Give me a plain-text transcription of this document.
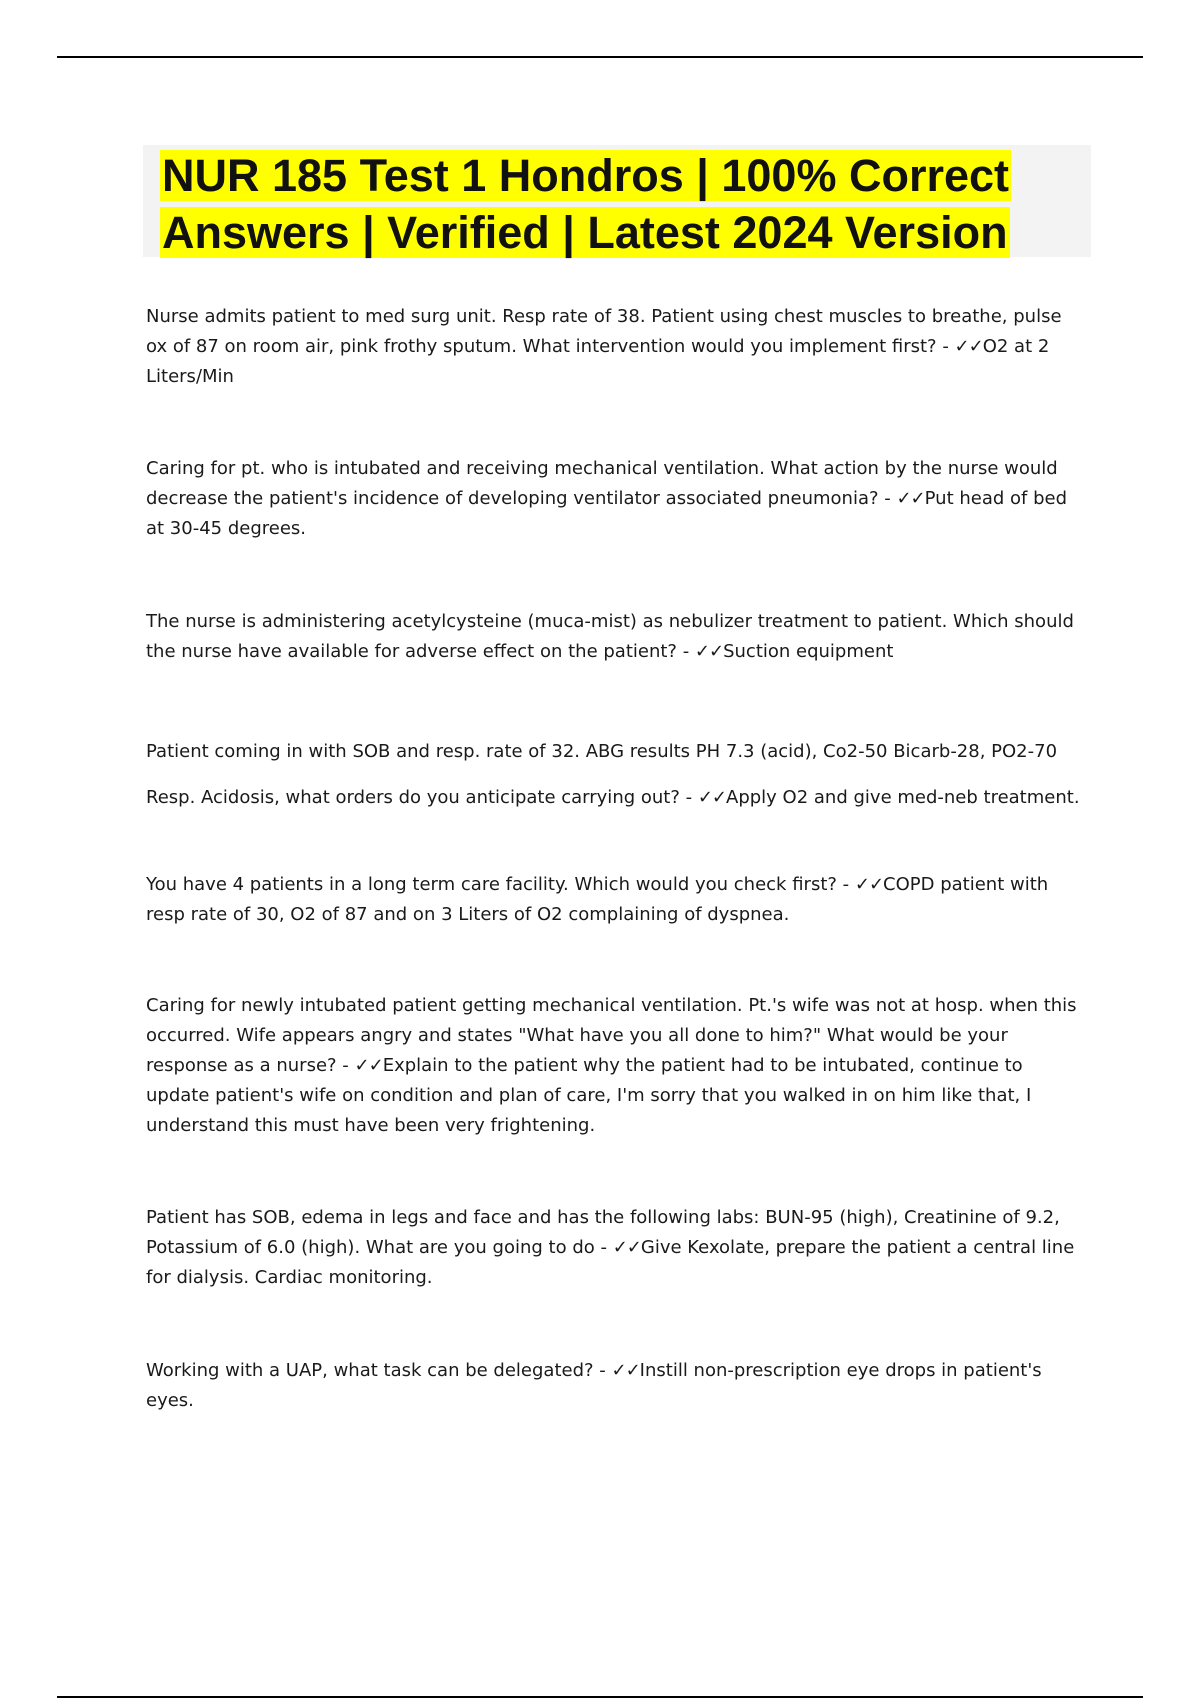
NUR 185 Test 1 Hondros | 100% Correct
Answers | Verified | Latest 2024 Version

Nurse admits patient to med surg unit. Resp rate of 38. Patient using chest muscles to breathe, pulse ox of 87 on room air, pink frothy sputum. What intervention would you implement first? - ✓✓O2 at 2 Liters/Min

Caring for pt. who is intubated and receiving mechanical ventilation. What action by the nurse would decrease the patient's incidence of developing ventilator associated pneumonia? - ✓✓Put head of bed at 30-45 degrees.

The nurse is administering acetylcysteine (muca-mist) as nebulizer treatment to patient. Which should the nurse have available for adverse effect on the patient? - ✓✓Suction equipment

Patient coming in with SOB and resp. rate of 32. ABG results PH 7.3 (acid), Co2-50 Bicarb-28, PO2-70
Resp. Acidosis, what orders do you anticipate carrying out? - ✓✓Apply O2 and give med-neb treatment.

You have 4 patients in a long term care facility. Which would you check first? - ✓✓COPD patient with resp rate of 30, O2 of 87 and on 3 Liters of O2 complaining of dyspnea.

Caring for newly intubated patient getting mechanical ventilation. Pt.'s wife was not at hosp. when this occurred. Wife appears angry and states "What have you all done to him?" What would be your response as a nurse? - ✓✓Explain to the patient why the patient had to be intubated, continue to update patient's wife on condition and plan of care, I'm sorry that you walked in on him like that, I understand this must have been very frightening.

Patient has SOB, edema in legs and face and has the following labs: BUN-95 (high), Creatinine of 9.2, Potassium of 6.0 (high). What are you going to do - ✓✓Give Kexolate, prepare the patient a central line for dialysis. Cardiac monitoring.

Working with a UAP, what task can be delegated? - ✓✓Instill non-prescription eye drops in patient's eyes.
